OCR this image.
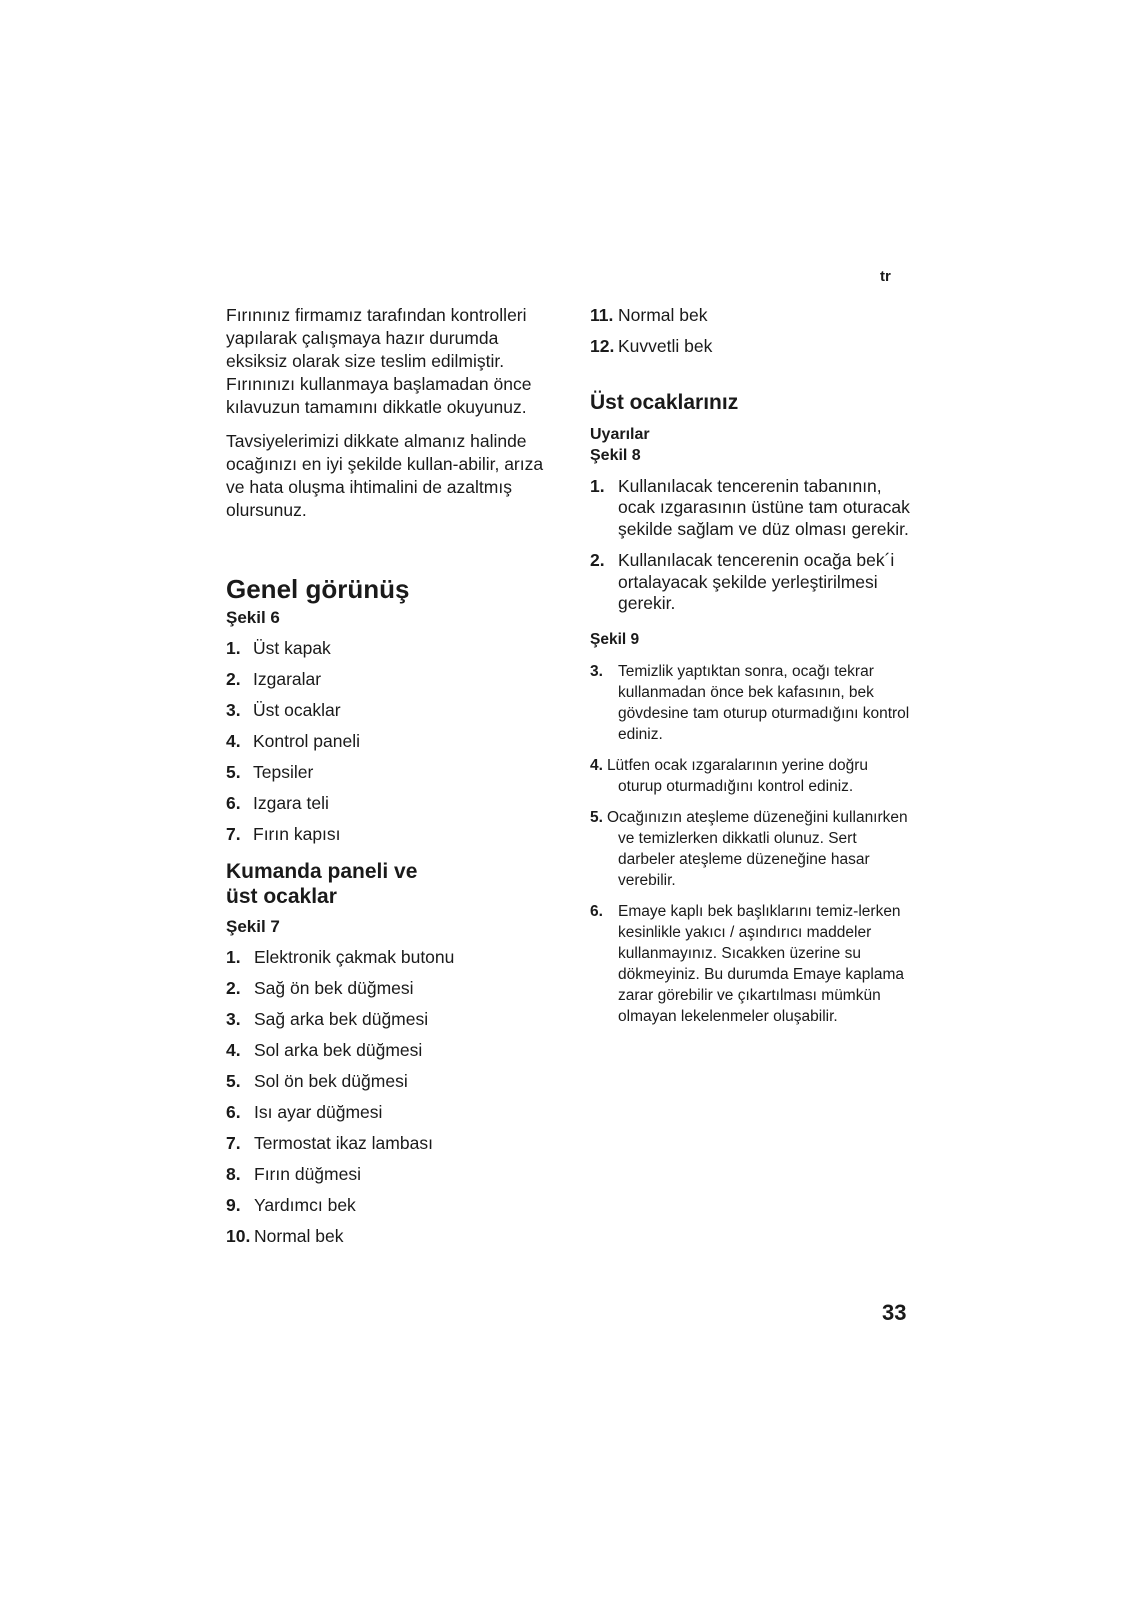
tr

Fırınınız firmamız tarafından kontrolleri yapılarak çalışmaya hazır durumda eksiksiz olarak size teslim edilmiştir. Fırınınızı kullanmaya başlamadan önce kılavuzun tamamını dikkatle okuyunuz.

Tavsiyelerimizi dikkate almanız halinde ocağınızı en iyi şekilde kullan-abilir, arıza ve hata oluşma ihtimalini de azaltmış olursunuz.

Genel görünüş
Şekil 6
1. Üst kapak
2. Izgaralar
3. Üst ocaklar
4. Kontrol paneli
5. Tepsiler
6. Izgara teli
7. Fırın kapısı
Kumanda paneli ve
üst ocaklar
Şekil 7
1. Elektronik çakmak butonu
2. Sağ ön bek düğmesi
3. Sağ arka bek düğmesi
4. Sol arka bek düğmesi
5. Sol ön bek düğmesi
6. Isı ayar düğmesi
7. Termostat ikaz lambası
8. Fırın düğmesi
9. Yardımcı bek
10. Normal bek
11. Normal bek
12. Kuvvetli bek
Üst ocaklarınız
Uyarılar
Şekil 8
1. Kullanılacak tencerenin tabanının, ocak ızgarasının üstüne tam oturacak şekilde sağlam ve düz olması gerekir.
2. Kullanılacak tencerenin ocağa bek´i ortalayacak şekilde yerleştirilmesi gerekir.
Şekil 9
3. Temizlik yaptıktan sonra, ocağı tekrar kullanmadan önce bek kafasının, bek gövdesine tam oturup oturmadığını kontrol ediniz.
4. Lütfen ocak ızgaralarının yerine doğru oturup oturmadığını kontrol ediniz.
5. Ocağınızın ateşleme düzeneğini kullanırken ve temizlerken dikkatli olunuz. Sert darbeler ateşleme düzeneğine hasar verebilir.
6. Emaye kaplı bek başlıklarını temiz-lerken kesinlikle yakıcı / aşındırıcı maddeler kullanmayınız. Sıcakken üzerine su dökmeyiniz. Bu durumda Emaye kaplama zarar görebilir ve çıkartılması mümkün olmayan lekelenmeler oluşabilir.
33
